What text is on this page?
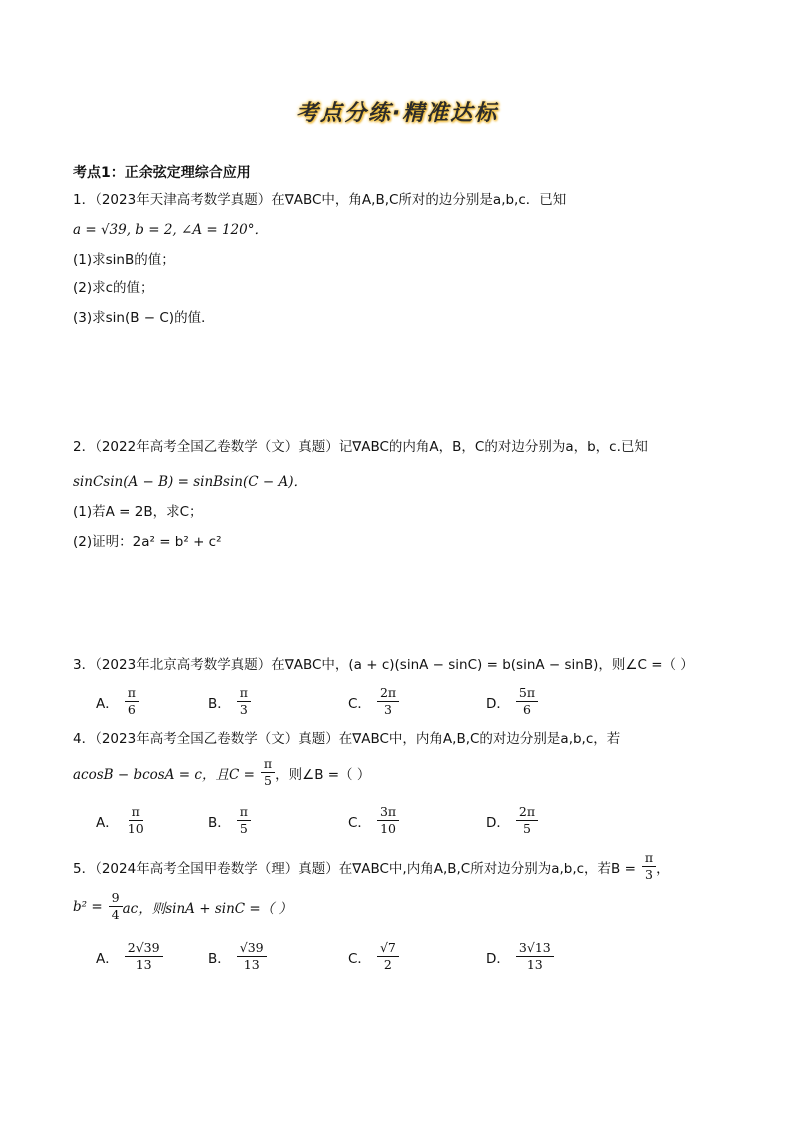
考点分练·精准达标
考点1：正余弦定理综合应用
1．（2023年天津高考数学真题）在∇ABC中，角A,B,C所对的边分别是a,b,c．已知
a = √39, b = 2, ∠A = 120°．
(1)求sinB的值；
(2)求c的值；
(3)求sin(B − C)的值．
2．（2022年高考全国乙卷数学（文）真题）记∇ABC的内角A，B，C的对边分别为a，b，c.已知
sinCsin(A − B) = sinBsin(C − A)．
(1)若A = 2B，求C；
(2)证明：2a² = b² + c²
3．（2023年北京高考数学真题）在∇ABC中，(a + c)(sinA − sinC) = b(sinA − sinB)，则∠C =（ ）
A． $\frac{\pi}{6}$	B． $\frac{\pi}{3}$	C． $\frac{2\pi}{3}$	D． $\frac{5\pi}{6}$
4．（2023年高考全国乙卷数学（文）真题）在∇ABC中，内角A,B,C的对边分别是a,b,c，若
acosB − bcosA = c，且$C = \frac{\pi}{5}$ ，则∠B =（ ）
A． $\frac{\pi}{10}$	B． $\frac{\pi}{5}$	C． $\frac{3\pi}{10}$	D． $\frac{2\pi}{5}$
5．（2024年高考全国甲卷数学（理）真题）在∇ABC中,内角A,B,C所对边分别为a,b,c，若$B = \frac{\pi}{3}$ ，
$b^2 = \frac{9}{4}$ ac，则sinA + sinC =（ ）
A． $\frac{2√39}{13}$	B． $\frac{√39}{13}$	C． $\frac{√7}{2}$	D． $\frac{3√13}{13}$
